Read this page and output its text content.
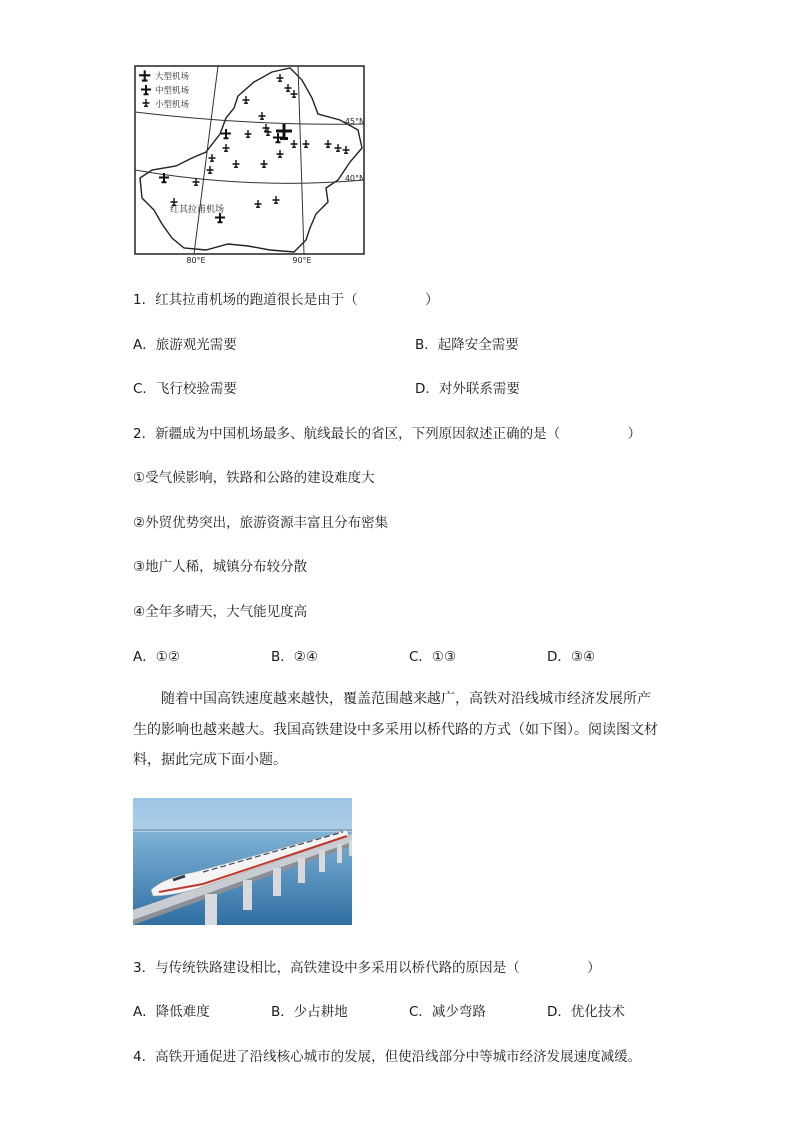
大型机场
中型机场
小型机场
45°N
40°N
80°E	90°E
红其拉甫机场
1．红其拉甫机场的跑道很长是由于（　　　　　）
A．旅游观光需要	B．起降安全需要
C．飞行校验需要	D．对外联系需要
2．新疆成为中国机场最多、航线最长的省区，下列原因叙述正确的是（　　　　　）
①受气候影响，铁路和公路的建设难度大
②外贸优势突出，旅游资源丰富且分布密集
③地广人稀，城镇分布较分散
④全年多晴天，大气能见度高
A．①②	B．②④	C．①③	D．③④
随着中国高铁速度越来越快，覆盖范围越来越广，高铁对沿线城市经济发展所产生的影响也越来越大。我国高铁建设中多采用以桥代路的方式（如下图）。阅读图文材料，据此完成下面小题。
3．与传统铁路建设相比，高铁建设中多采用以桥代路的原因是（　　　　　）
A．降低难度	B．少占耕地	C．减少弯路	D．优化技术
4．高铁开通促进了沿线核心城市的发展，但使沿线部分中等城市经济发展速度减缓。
